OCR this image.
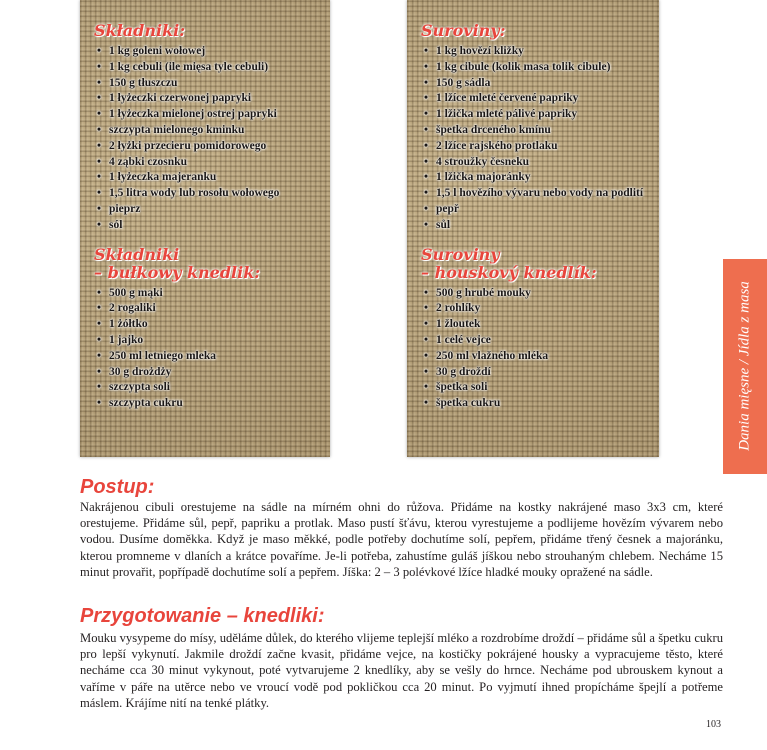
Składniki:
• 1 kg goleni wołowej
• 1 kg cebuli (ile mięsa tyle cebuli)
• 150 g tłuszczu
• 1 łyżeczki czerwonej papryki
• 1 łyżeczka mielonej ostrej papryki
• szczypta mielonego kminku
• 2 łyżki przecieru pomidorowego
• 4 ząbki czosnku
• 1 łyżeczka majeranku
• 1,5 litra wody lub rosołu wołowego
• pieprz
• sól
Składniki
– bułkowy knedlik:
• 500 g mąki
• 2 rogaliki
• 1 żółtko
• 1 jajko
• 250 ml letniego mleka
• 30 g drożdży
• szczypta soli
• szczypta cukru
Suroviny:
• 1 kg hovězí kližky
• 1 kg cibule (kolik masa tolik cibule)
• 150 g sádla
• 1 lžíce mleté červené papriky
• 1 lžička mleté pálivé papriky
• špetka drceného kmínu
• 2 lžíce rajského protlaku
• 4 stroužky česneku
• 1 lžička majoránky
• 1,5 l hovězího vývaru nebo vody na podlití
• pepř
• sůl
Suroviny
– houskový knedlík:
• 500 g hrubé mouky
• 2 rohlíky
• 1 žloutek
• 1 celé vejce
• 250 ml vlažného mléka
• 30 g droždí
• špetka soli
• špetka cukru	Dania mięsne / Jídla z masa
Postup:

Nakrájenou cibuli orestujeme na sádle na mírném ohni do růžova. Přidáme na kostky nakrájené maso 3x3 cm, které orestujeme. Přidáme sůl, pepř, papriku a protlak. Maso pustí šťávu, kterou vyrestujeme a podlijeme hovězím vývarem nebo vodou. Dusíme doměkka. Když je maso měkké, podle potřeby dochutíme solí, pepřem, přidáme třený česnek a majoránku, kterou promneme v dlaních a krátce povaříme. Je-li potřeba, zahustíme guláš jíškou nebo strouhaným chlebem. Necháme 15 minut provařit, popřípadě dochutíme solí a pepřem. Jíška: 2 – 3 polévkové lžíce hladké mouky opražené na sádle.

Przygotowanie – knedliki:

Mouku vysypeme do mísy, uděláme důlek, do kterého vlijeme teplejší mléko a rozdrobíme droždí – přidáme sůl a špetku cukru pro lepší vykynutí. Jakmile droždí začne kvasit, přidáme vejce, na kostičky pokrájené housky a vypracujeme těsto, které necháme cca 30 minut vykynout, poté vytvarujeme 2 knedlíky, aby se vešly do hrnce. Necháme pod ubrouskem kynout a vaříme v páře na utěrce nebo ve vroucí vodě pod pokličkou cca 20 minut. Po vyjmutí ihned propícháme špejlí a potřeme máslem. Krájíme nití na tenké plátky.

103
